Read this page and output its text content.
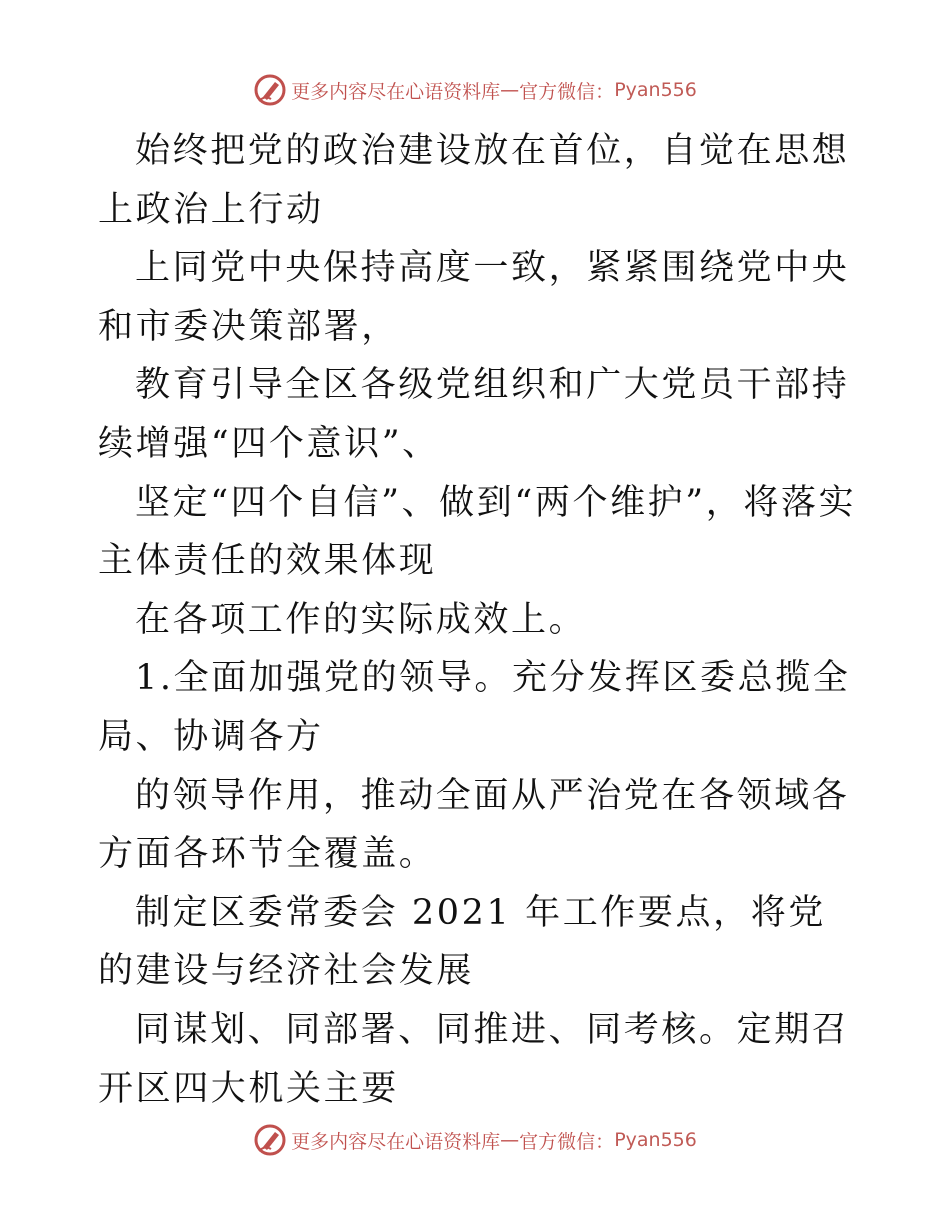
更多内容尽在心语资料库 — 官方微信： Pyan556

始终把党的政治建设放在首位，自觉在思想上政治上行动

上同党中央保持高度一致，紧紧围绕党中央和市委决策部署，

教育引导全区各级党组织和广大党员干部持续增强“四个意识”、

坚定“四个自信”、做到“两个维护”，将落实主体责任的效果体现

在各项工作的实际成效上。

1.全面加强党的领导。充分发挥区委总揽全局、协调各方

的领导作用，推动全面从严治党在各领域各方面各环节全覆盖。

制定区委常委会 2021 年工作要点，将党的建设与经济社会发展

同谋划、同部署、同推进、同考核。定期召开区四大机关主要

更多内容尽在心语资料库 — 官方微信： Pyan556
